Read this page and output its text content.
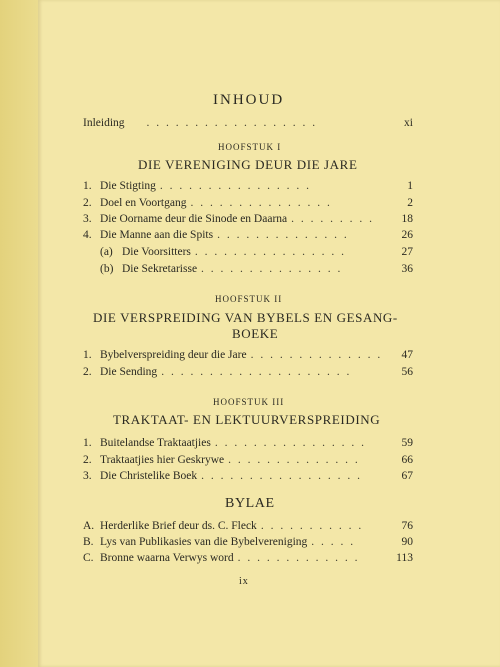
INHOUD
Inleiding	. . . . . . . . . . . . . . . . . .	xi
HOOFSTUK I
DIE VERENIGING DEUR DIE JARE
1. Die Stigting . . . . . . . . . . . . . . . .	1
2. Doel en Voortgang . . . . . . . . . . . . . . .	2
3. Die Oorname deur die Sinode en Daarna . . . . . . . . .	18
4. Die Manne aan die Spits . . . . . . . . . . . . . .	26
(a) Die Voorsitters . . . . . . . . . . . . . . . .	27
(b) Die Sekretarisse . . . . . . . . . . . . . . .	36
HOOFSTUK II
DIE VERSPREIDING VAN BYBELS EN GESANG-
BOEKE
1. Bybelverspreiding deur die Jare . . . . . . . . . . . . . .	47
2. Die Sending . . . . . . . . . . . . . . . . . . . .	56
HOOFSTUK III
TRAKTAAT- EN LEKTUURVERSPREIDING
1. Buitelandse Traktaatjies . . . . . . . . . . . . . . . .	59
2. Traktaatjies hier Geskrywe . . . . . . . . . . . . . .	66
3. Die Christelike Boek . . . . . . . . . . . . . . . . .	67
BYLAE
A. Herderlike Brief deur ds. C. Fleck . . . . . . . . . . .	76
B. Lys van Publikasies van die Bybelvereniging . . . . .	90
C. Bronne waarna Verwys word . . . . . . . . . . . . .	113
ix
